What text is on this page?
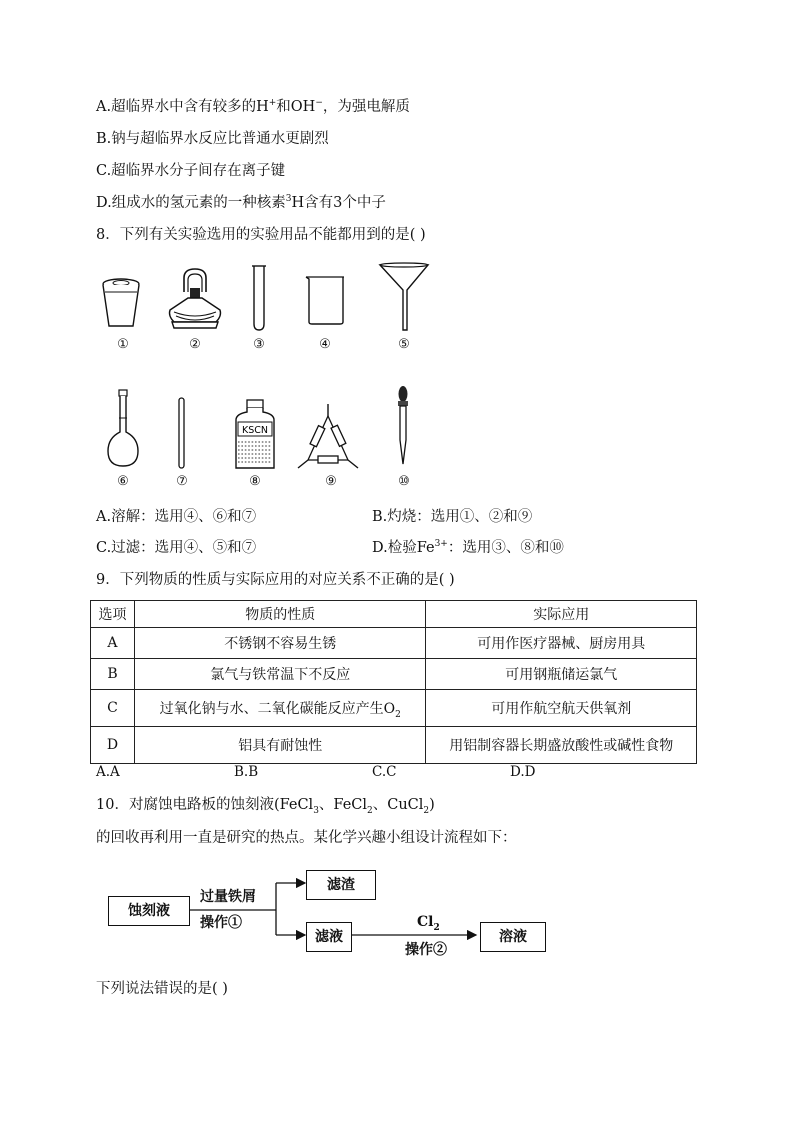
A.超临界水中含有较多的H+和OH−，为强电解质
B.钠与超临界水反应比普通水更剧烈
C.超临界水分子间存在离子键
D.组成水的氢元素的一种核素$^3$H含有3个中子
8．下列有关实验选用的实验用品不能都用到的是( )
①	②	③	④	⑤
KSCN
⑥	⑦	⑧	⑨	⑩
A.溶解：选用④、⑥和⑦	B.灼烧：选用①、②和⑨
C.过滤：选用④、⑤和⑦	D.检验$Fe^{3+}$：选用③、⑧和⑩
9．下列物质的性质与实际应用的对应关系不正确的是( )
选项	物质的性质	实际应用
A	不锈钢不容易生锈	可用作医疗器械、厨房用具
B	氯气与铁常温下不反应	可用钢瓶储运氯气
C	过氧化钠与水、二氧化碳能反应产生$O_2$	可用作航空航天供氧剂
D	铝具有耐蚀性	用铝制容器长期盛放酸性或碱性食物
A.A	B.B	C.C	D.D
10．对腐蚀电路板的蚀刻液(FeCl$_3$、FeCl$_2$、CuCl$_2$)
的回收再利用一直是研究的热点。某化学兴趣小组设计流程如下：
蚀刻液
滤渣
滤液	溶液
过量铁屑
操作①	$Cl_2$
操作②
下列说法错误的是( )
